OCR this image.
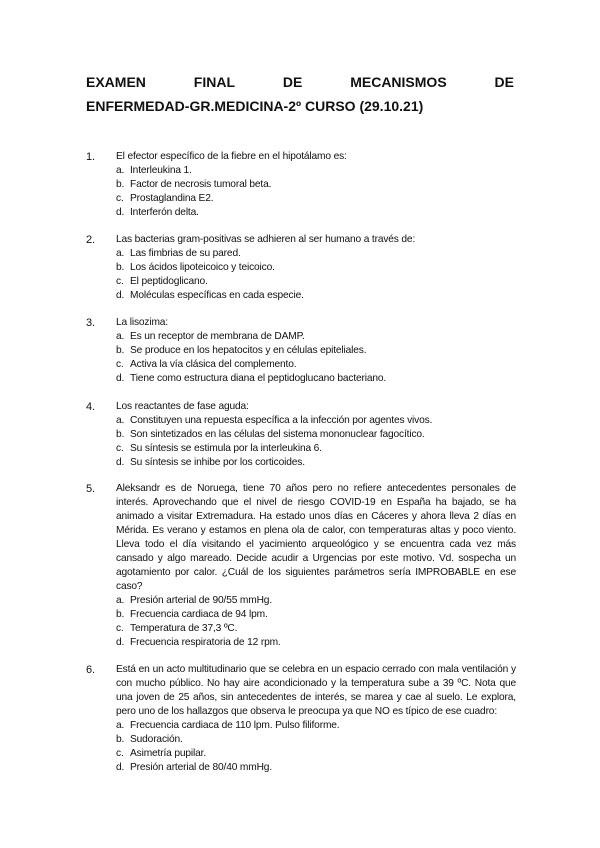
EXAMEN	FINAL	DE	MECANISMOS	DE
ENFERMEDAD-GR.MEDICINA-2º CURSO (29.10.21)
1. El efector específico de la fiebre en el hipotálamo es:
a. Interleukina 1.
b. Factor de necrosis tumoral beta.
c. Prostaglandina E2.
d. Interferón delta.
2. Las bacterias gram-positivas se adhieren al ser humano a través de:
a. Las fimbrias de su pared.
b. Los ácidos lipoteicoico y teicoico.
c. El peptidoglicano.
d. Moléculas específicas en cada especie.
3. La lisozima:
a. Es un receptor de membrana de DAMP.
b. Se produce en los hepatocitos y en células epiteliales.
c. Activa la vía clásica del complemento.
d. Tiene como estructura diana el peptidoglucano bacteriano.
4. Los reactantes de fase aguda:
a. Constituyen una repuesta específica a la infección por agentes vivos.
b. Son sintetizados en las células del sistema mononuclear fagocítico.
c. Su síntesis se estimula por la interleukina 6.
d. Su síntesis se inhibe por los corticoides.
5. Aleksandr es de Noruega, tiene 70 años pero no refiere antecedentes personales de interés. Aprovechando que el nivel de riesgo COVID-19 en España ha bajado, se ha animado a visitar Extremadura. Ha estado unos días en Cáceres y ahora lleva 2 días en Mérida. Es verano y estamos en plena ola de calor, con temperaturas altas y poco viento. Lleva todo el día visitando el yacimiento arqueológico y se encuentra cada vez más cansado y algo mareado. Decide acudir a Urgencias por este motivo. Vd. sospecha un agotamiento por calor. ¿Cuál de los siguientes parámetros sería IMPROBABLE en ese caso?
a. Presión arterial de 90/55 mmHg.
b. Frecuencia cardiaca de 94 lpm.
c. Temperatura de 37,3 ºC.
d. Frecuencia respiratoria de 12 rpm.
6. Está en un acto multitudinario que se celebra en un espacio cerrado con mala ventilación y con mucho público. No hay aire acondicionado y la temperatura sube a 39 ºC. Nota que una joven de 25 años, sin antecedentes de interés, se marea y cae al suelo. Le explora, pero uno de los hallazgos que observa le preocupa ya que NO es típico de ese cuadro:
a. Frecuencia cardiaca de 110 lpm. Pulso filiforme.
b. Sudoración.
c. Asimetría pupilar.
d. Presión arterial de 80/40 mmHg.
